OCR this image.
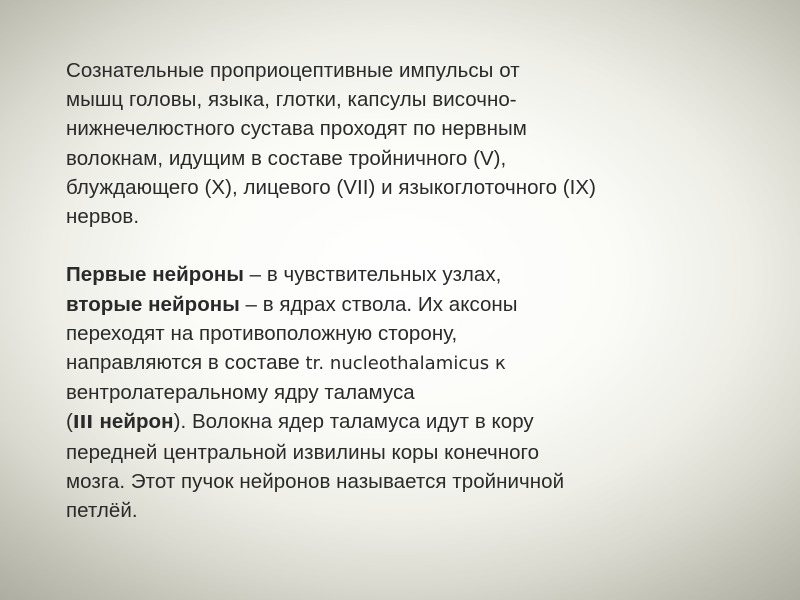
Сознательные проприоцептивные импульсы от
мышц головы, языка, глотки, капсулы височно-
нижнечелюстного сустава проходят по нервным
волокнам, идущим в составе тройничного (V),
блуждающего (X), лицевого (VII) и языкоглоточного (IX)
нервов.

Первые нейроны – в чувствительных узлах,
вторые нейроны – в ядрах ствола. Их аксоны
переходят на противоположную сторону,
направляются в составе tr. nucleothalamicus к
вентролатеральному ядру таламуса
(III нейрон). Волокна ядер таламуса идут в кору
передней центральной извилины коры конечного
мозга. Этот пучок нейронов называется тройничной
петлёй.
